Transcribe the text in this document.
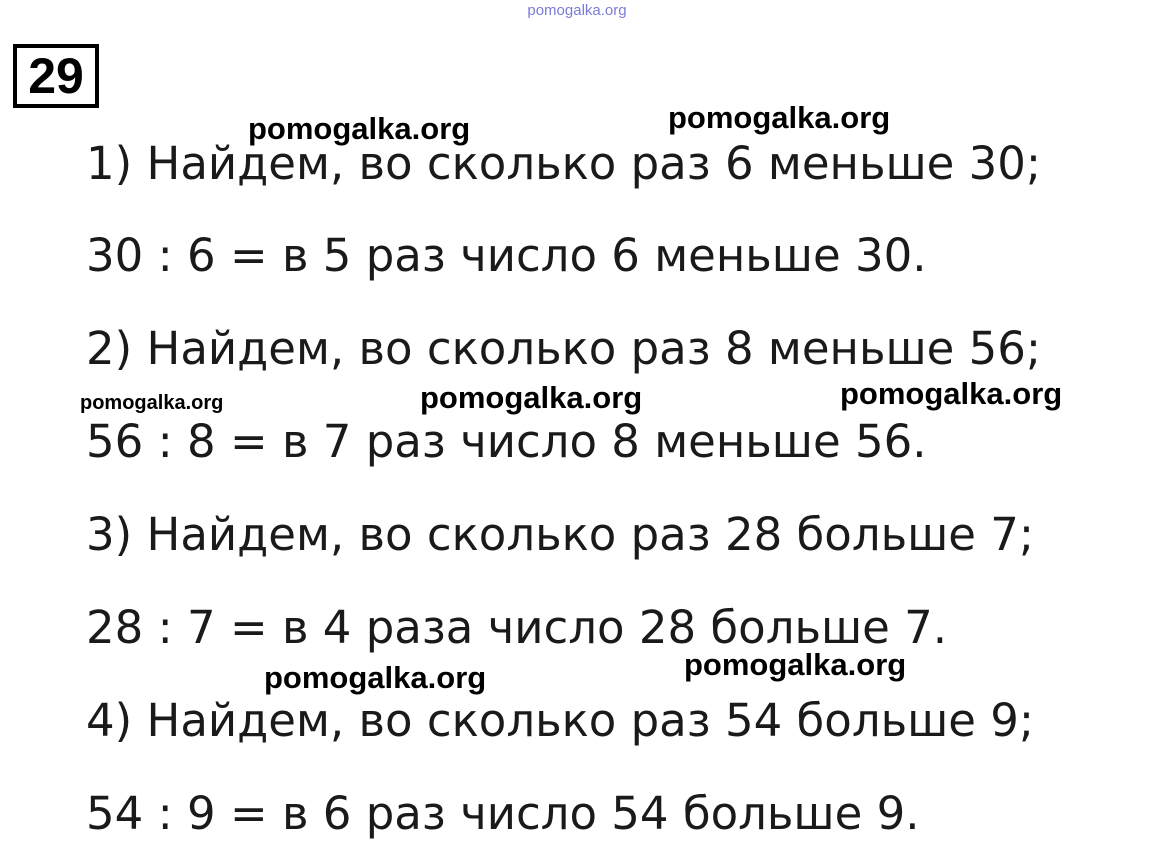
pomogalka.org
29
1) Найдем, во сколько раз 6 меньше 30;
30 : 6 = в 5 раз число 6 меньше 30.
2) Найдем, во сколько раз 8 меньше 56;
56 : 8 = в 7 раз число 8 меньше 56.
3) Найдем, во сколько раз 28 больше 7;
28 : 7 = в 4 раза число 28 больше 7.
4) Найдем, во сколько раз 54 больше 9;
54 : 9 = в 6 раз число 54 больше 9.
pomogalka.org	pomogalka.org
pomogalka.org	pomogalka.org	pomogalka.org
pomogalka.org	pomogalka.org
